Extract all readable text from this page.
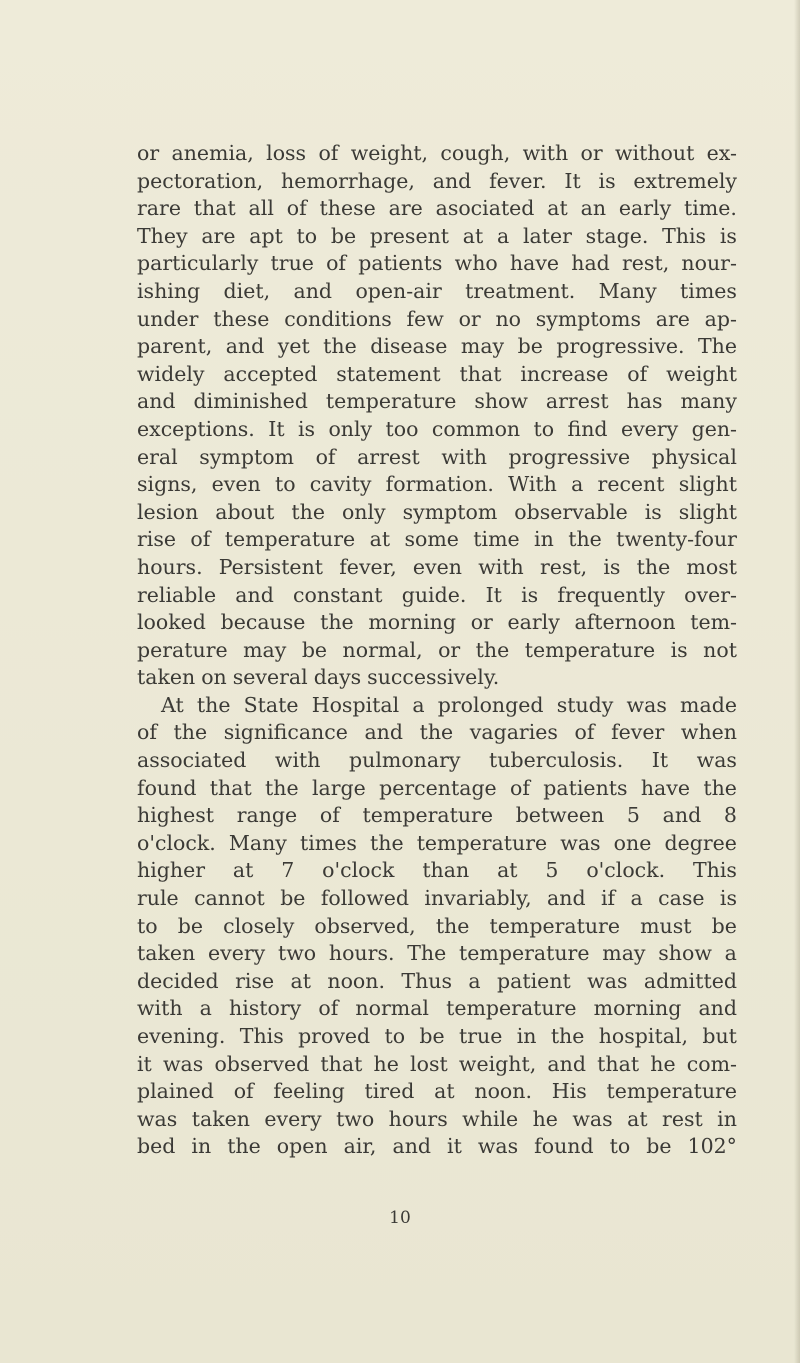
or anemia, loss of weight, cough, with or without ex-
pectoration, hemorrhage, and fever. It is extremely
rare that all of these are asociated at an early time.
They are apt to be present at a later stage. This is
particularly true of patients who have had rest, nour-
ishing diet, and open-air treatment. Many times
under these conditions few or no symptoms are ap-
parent, and yet the disease may be progressive. The
widely accepted statement that increase of weight
and diminished temperature show arrest has many
exceptions. It is only too common to find every gen-
eral symptom of arrest with progressive physical
signs, even to cavity formation. With a recent slight
lesion about the only symptom observable is slight
rise of temperature at some time in the twenty-four
hours. Persistent fever, even with rest, is the most
reliable and constant guide. It is frequently over-
looked because the morning or early afternoon tem-
perature may be normal, or the temperature is not
taken on several days successively.
At the State Hospital a prolonged study was made
of the significance and the vagaries of fever when
associated with pulmonary tuberculosis. It was
found that the large percentage of patients have the
highest range of temperature between 5 and 8
o'clock. Many times the temperature was one degree
higher at 7 o'clock than at 5 o'clock. This
rule cannot be followed invariably, and if a case is
to be closely observed, the temperature must be
taken every two hours. The temperature may show a
decided rise at noon. Thus a patient was admitted
with a history of normal temperature morning and
evening. This proved to be true in the hospital, but
it was observed that he lost weight, and that he com-
plained of feeling tired at noon. His temperature
was taken every two hours while he was at rest in
bed in the open air, and it was found to be 102°
10
